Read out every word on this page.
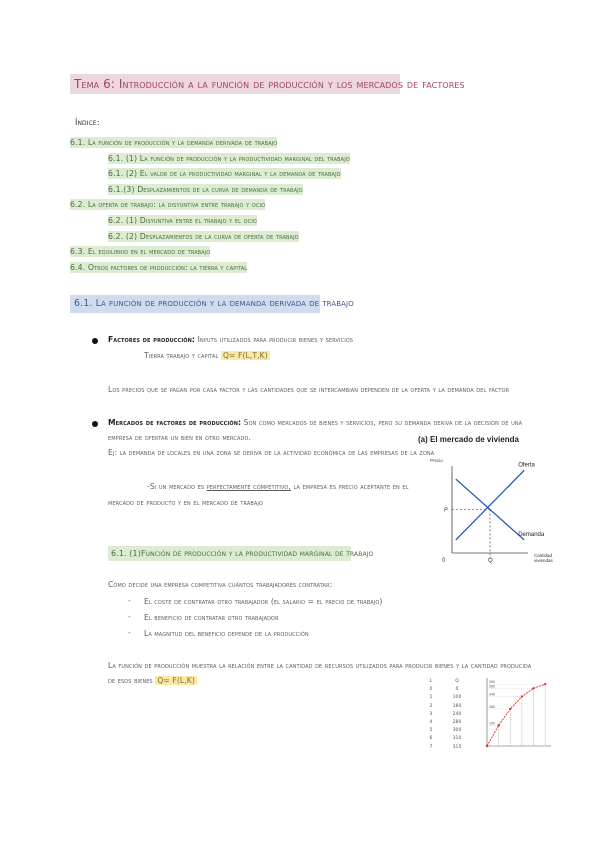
Tema 6: Introducción a la función de producción y los mercados de factores
Índice:
6.1. La función de producción y la demanda derivada de trabajo
6.1. (1) La función de producción y la productividad marginal del trabajo
6.1. (2) El valor de la productividad marginal y la demanda de trabajo
6.1.(3) Desplazamientos de la curva de demanda de trabajo
6.2. La oferta de trabajo: la disyuntiva entre trabajo y ocio
6.2. (1) Disyuntiva entre el trabajo y el ocio
6.2. (2) Desplazamientos de la curva de oferta de trabajo
6.3. El equilibrio en el mercado de trabajo
6.4. Otros factores de producción: la tierra y capital
6.1. La función de producción y la demanda derivada de trabajo
Factores de producción: Inputs utilizados para producir bienes y servicios
Tierra trabajo y capital Q= F(L,T,K)
Los precios que se pagan por casa factor y las cantidades que se intercambian dependen de la oferta y la demanda del factor
Mercados de factores de producción: Son como mercados de bienes y servicios, pero su demanda deriva de la decisión de una
empresa de ofertar un bien en otro mercado.
Ej: la demanda de locales en una zona se deriva de la actividad económica de las empresas de la zona
-Si un mercado es perfectamente competitivo, la empresa es precio aceptante en el
mercado de producto y en el mercado de trabajo
(a) El mercado de vivienda
Precio
Oferta
Demanda
P
0	Q
Cantidad
viviendas
6.1. (1)Función de producción y la productividad marginal de trabajo
Cómo decide una empresa competitiva cuántos trabajadores contratar:
- El coste de contratar otro trabajador (el salario = el precio de trabajo)
- El beneficio de contratar otro trabajador
- La magnitud del beneficio depende de la producción
La función de producción muestra la relación entre la cantidad de recursos utilizados para producir bienes y la cantidad producida
de esos bienes Q= F(L,K)	L	Q
0	0
1	100
2	180
3	240
4	280
5	300
6	310
7	315
100
180
240
280
300
